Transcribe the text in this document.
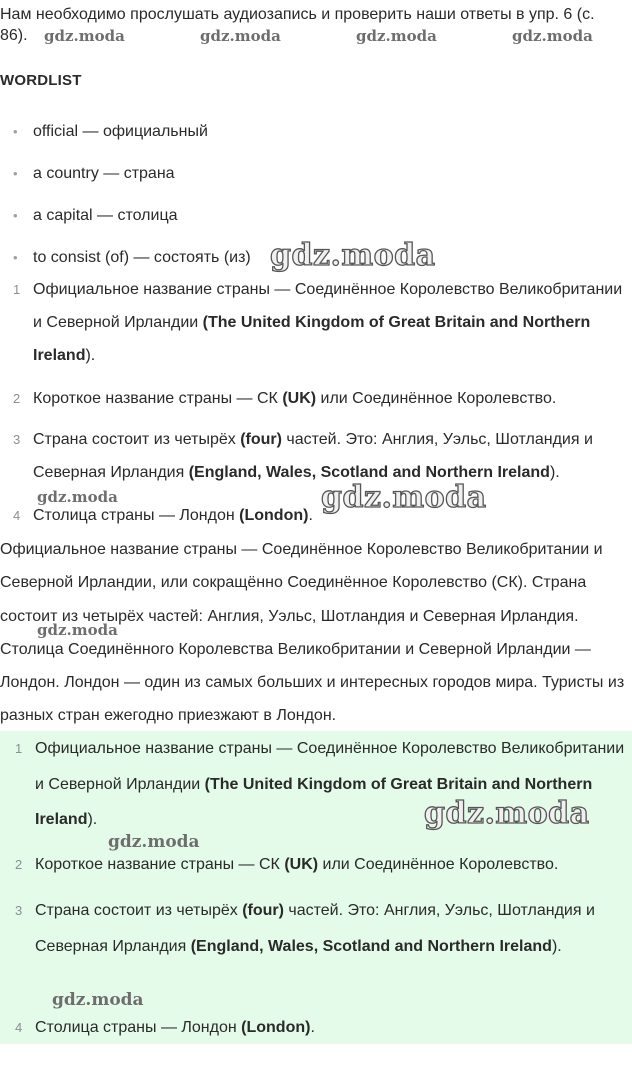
Нам необходимо прослушать аудиозапись и проверить наши ответы в упр. 6 (с. 86).
WORDLIST
• official — официальный
• a country — страна
• a capital — столица
• to consist (of) — состоять (из)
1 Официальное название страны — Соединённое Королевство Великобритании и Северной Ирландии (The United Kingdom of Great Britain and Northern Ireland).
2 Короткое название страны — СК (UK) или Соединённое Королевство.
3 Страна состоит из четырёх (four) частей. Это: Англия, Уэльс, Шотландия и Северная Ирландия (England, Wales, Scotland and Northern Ireland).
4 Столица страны — Лондон (London).
Официальное название страны — Соединённое Королевство Великобритании и Северной Ирландии, или сокращённо Соединённое Королевство (СК). Страна состоит из четырёх частей: Англия, Уэльс, Шотландия и Северная Ирландия. Столица Соединённого Королевства Великобритании и Северной Ирландии — Лондон. Лондон — один из самых больших и интересных городов мира. Туристы из разных стран ежегодно приезжают в Лондон.
1 Официальное название страны — Соединённое Королевство Великобритании и Северной Ирландии (The United Kingdom of Great Britain and Northern Ireland).
2 Короткое название страны — СК (UK) или Соединённое Королевство.
3 Страна состоит из четырёх (four) частей. Это: Англия, Уэльс, Шотландия и Северная Ирландия (England, Wales, Scotland and Northern Ireland).
4 Столица страны — Лондон (London).
gdz.moda	gdz.moda	gdz.moda	gdz.moda
gdz.moda
gdz.moda	gdz.moda
gdz.moda
gdz.moda
gdz.moda
gdz.moda
